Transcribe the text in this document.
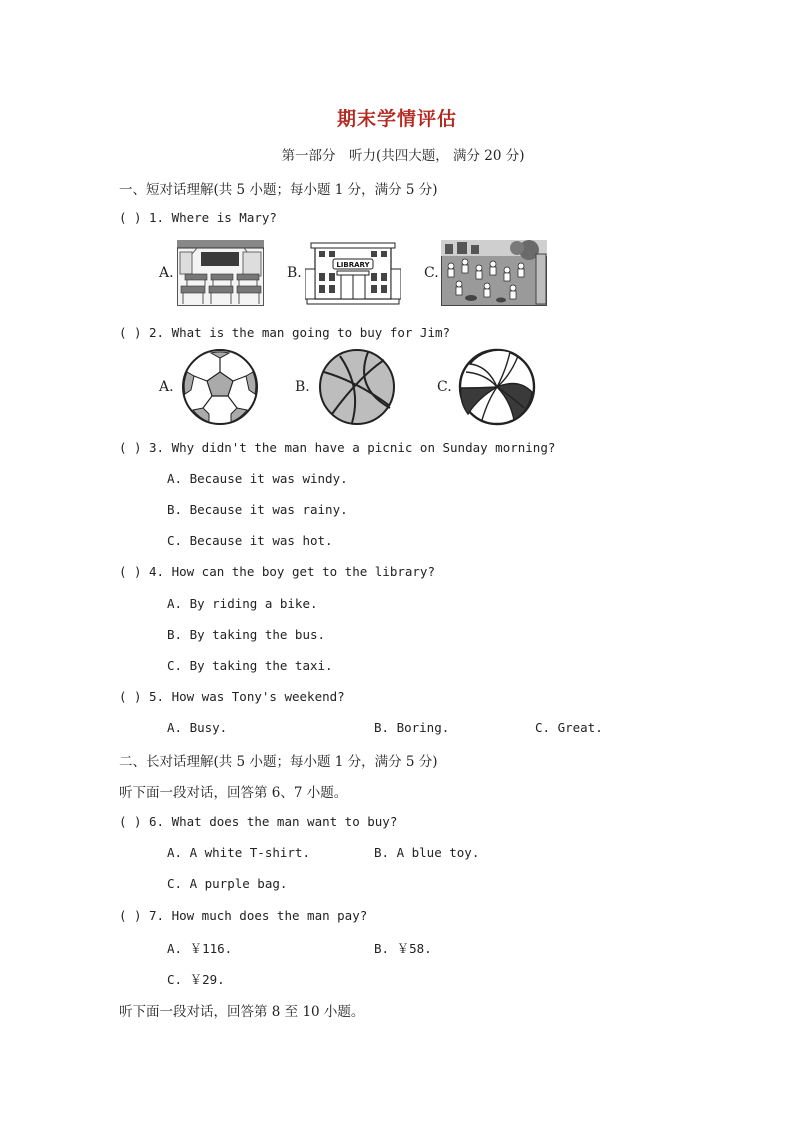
期末学情评估
第一部分　听力(共四大题， 满分 20 分)
一、短对话理解(共 5 小题；每小题 1 分，满分 5 分)
( ) 1. Where is Mary?
A.	B.	C.
LIBRARY
( ) 2. What is the man going to buy for Jim?
A.	B.	C.
( ) 3. Why didn't the man have a picnic on Sunday morning?
A. Because it was windy.
B. Because it was rainy.
C. Because it was hot.
( ) 4. How can the boy get to the library?
A. By riding a bike.
B. By taking the bus.
C. By taking the taxi.
( ) 5. How was Tony's weekend?
A. Busy.	B. Boring.	C. Great.
二、长对话理解(共 5 小题；每小题 1 分，满分 5 分)
听下面一段对话，回答第 6、7 小题。
( ) 6. What does the man want to buy?
A. A white T-shirt.	B. A blue toy.
C. A purple bag.
( ) 7. How much does the man pay?
A. ￥116.	B. ￥58.
C. ￥29.
听下面一段对话，回答第 8 至 10 小题。
